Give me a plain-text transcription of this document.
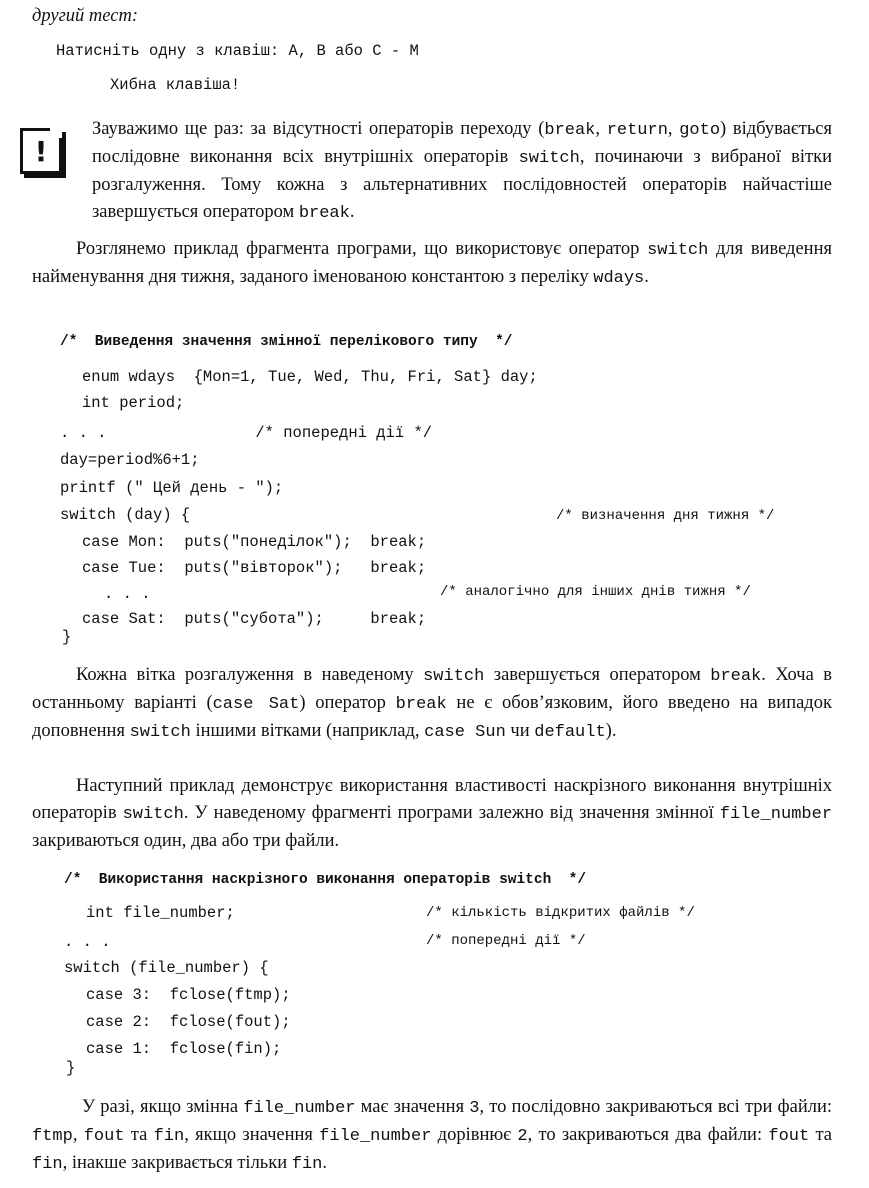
другий тест:
Натисніть одну з клавіш: A, B або C - M
Хибна клавіша!
!
Зауважимо ще раз: за відсутності операторів переходу (break, return, goto) відбувається послідовне виконання всіх внутрішніх операторів switch, починаючи з вибраної вітки розгалуження. Тому кожна з альтернативних послідовностей операторів найчастіше завершується оператором break.
Розглянемо приклад фрагмента програми, що використовує оператор switch для виведення найменування дня тижня, заданого іменованою константою з переліку wdays.
/*  Виведення значення змінної перелікового типу  */
enum wdays  {Mon=1, Tue, Wed, Thu, Fri, Sat} day;
int period;
. . .                /* попередні дії */
day=period%6+1;
printf (" Цей день - ");
switch (day) {	/* визначення дня тижня */
case Mon:  puts("понеділок");  break;
case Tue:  puts("вівторок");   break;
. . .	/* аналогічно для інших днів тижня */
case Sat:  puts("субота");     break;
}
Кожна вітка розгалуження в наведеному switch завершується оператором break. Хоча в останньому варіанті (case Sat) оператор break не є обов’язковим, його введено на випадок доповнення switch іншими вітками (наприклад, case Sun чи default).
Наступний приклад демонструє використання властивості наскрізного виконання внутрішніх операторів switch. У наведеному фрагменті програми залежно від значення змінної file_number закриваються один, два або три файли.
/*  Використання наскрізного виконання операторів switch  */
int file_number;	/* кількість відкритих файлів */
. . .	/* попередні дії */
switch (file_number) {
case 3:  fclose(ftmp);
case 2:  fclose(fout);
case 1:  fclose(fin);
}
У разі, якщо змінна file_number має значення 3, то послідовно закриваються всі три файли: ftmp, fout та fin, якщо значення file_number дорівнює 2, то закриваються два файли: fout та fin, інакше закривається тільки fin.
